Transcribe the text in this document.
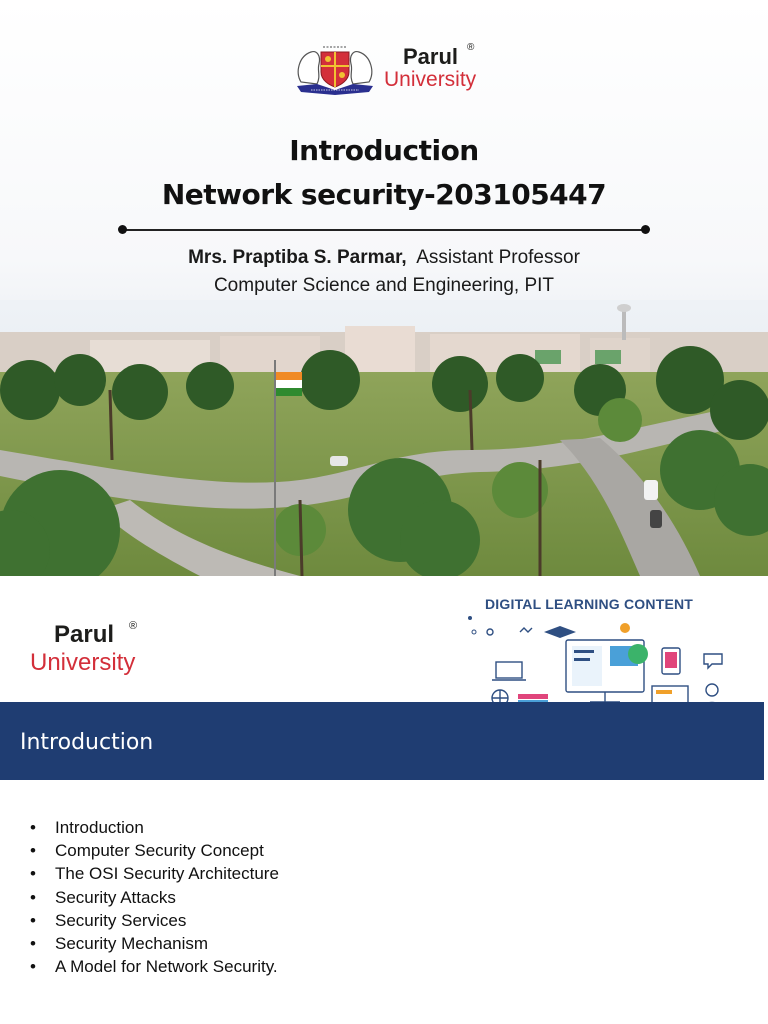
Parul ®
University
Introduction
Network security-203105447
Mrs. Praptiba S. Parmar, Assistant Professor
Computer Science and Engineering, PIT
Parul ®
University
DIGITAL LEARNING CONTENT
Introduction
• Introduction
• Computer Security Concept
• The OSI Security Architecture
• Security Attacks
• Security Services
• Security Mechanism
• A Model for Network Security.
